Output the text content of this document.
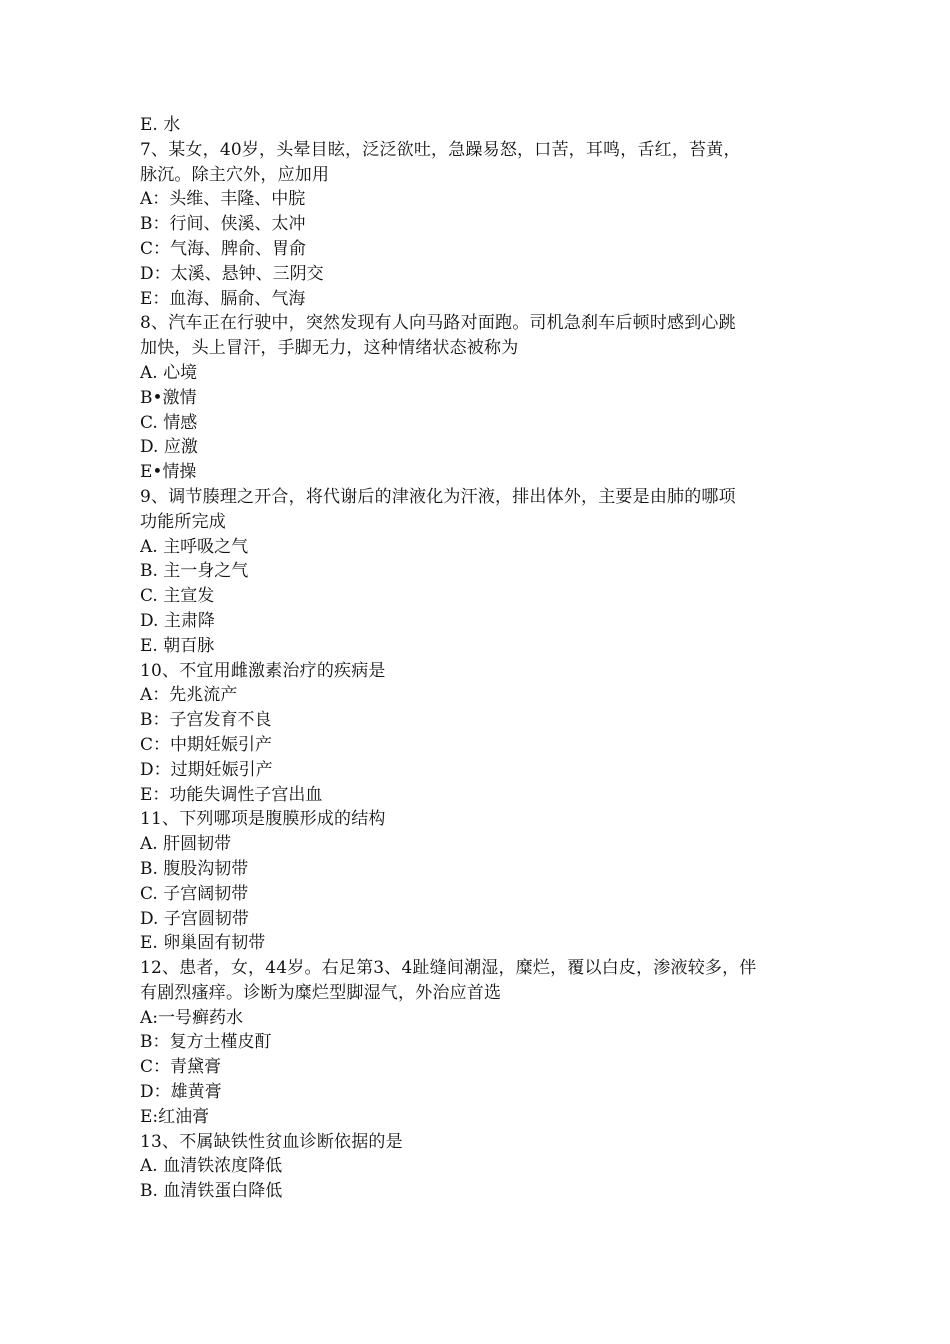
E. 水
7、某女，40岁，头晕目眩，泛泛欲吐，急躁易怒，口苦，耳鸣，舌红，苔黄，
脉沉。除主穴外，应加用
A：头维、丰隆、中脘
B：行间、侠溪、太冲
C：气海、脾俞、胃俞
D：太溪、悬钟、三阴交
E：血海、膈俞、气海
8、汽车正在行驶中，突然发现有人向马路对面跑。司机急刹车后顿时感到心跳
加快，头上冒汗，手脚无力，这种情绪状态被称为
A. 心境
B•激情
C. 情感
D. 应激
E•情操
9、调节腠理之开合，将代谢后的津液化为汗液，排出体外，主要是由肺的哪项
功能所完成
A. 主呼吸之气
B. 主一身之气
C. 主宣发
D. 主肃降
E. 朝百脉
10、不宜用雌激素治疗的疾病是
A：先兆流产
B：子宫发育不良
C：中期妊娠引产
D：过期妊娠引产
E：功能失调性子宫出血
11、下列哪项是腹膜形成的结构
A. 肝圆韧带
B. 腹股沟韧带
C. 子宫阔韧带
D. 子宫圆韧带
E. 卵巢固有韧带
12、患者，女，44岁。右足第3、4趾缝间潮湿，糜烂，覆以白皮，渗液较多，伴
有剧烈瘙痒。诊断为糜烂型脚湿气，外治应首选
A:一号癣药水
B：复方土槿皮酊
C：青黛膏
D：雄黄膏
E:红油膏
13、不属缺铁性贫血诊断依据的是
A. 血清铁浓度降低
B. 血清铁蛋白降低
